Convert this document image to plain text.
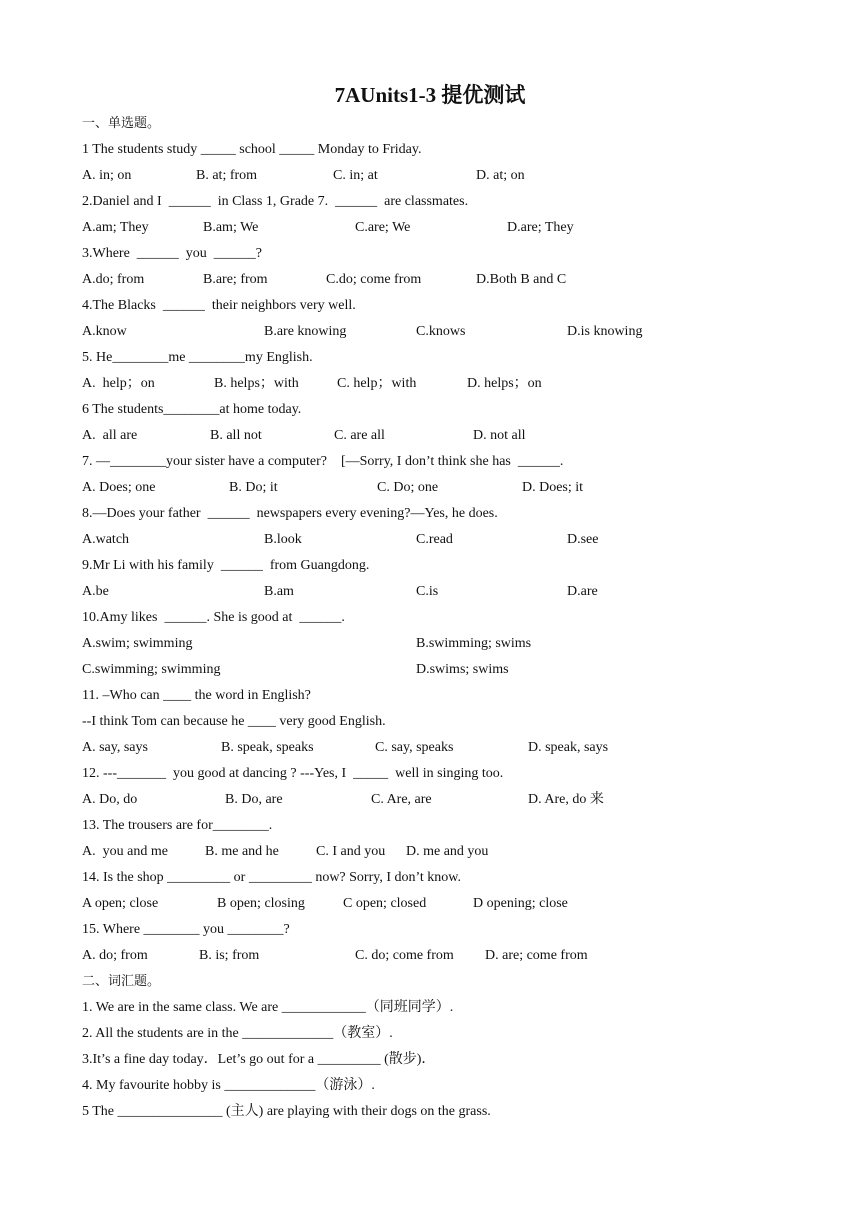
7AUnits1-3 提优测试
一、单选题。
1 The students study _____ school _____ Monday to Friday.
A. in; on	B. at; from	C. in; at	D. at; on
2.Daniel and I  ______  in Class 1, Grade 7.  ______  are classmates.
A.am; They	B.am; We	C.are; We	D.are; They
3.Where  ______  you  ______?
A.do; from	B.are; from	C.do; come from	D.Both B and C
4.The Blacks  ______  their neighbors very well.
A.know	B.are knowing	C.knows	D.is knowing
5. He________me ________my English.
A.  help；on	B. helps；with	C. help；with	D. helps；on
6 The students________at home today.
A.  all are	B. all not	C. are all	D. not all
7. —________your sister have a computer?    [—Sorry, I don’t think she has  ______.
A. Does; one	B. Do; it	C. Do; one	D. Does; it
8.—Does your father  ______  newspapers every evening?—Yes, he does.
A.watch	B.look	C.read	D.see
9.Mr Li with his family  ______  from Guangdong.
A.be	B.am	C.is	D.are
10.Amy likes  ______. She is good at  ______.
A.swim; swimming	B.swimming; swims
C.swimming; swimming	D.swims; swims
11. –Who can ____ the word in English?
--I think Tom can because he ____ very good English.
A. say, says	B. speak, speaks	C. say, speaks	D. speak, says
12. ---_______  you good at dancing ? ---Yes, I  _____  well in singing too.
A. Do, do	B. Do, are	C. Are, are	D. Are, do 来
13. The trousers are for________.
A.  you and me	B. me and he	C. I and you D. me and you
14. Is the shop _________ or _________ now? Sorry, I don’t know.
A open; close	B open; closing	C open; closed	D opening; close
15. Where ________ you ________?
A. do; from	B. is; from	C. do; come from D. are; come from
二、词汇题。
1. We are in the same class. We are ____________（同班同学）.
2. All the students are in the _____________（教室）.
3.It’s a fine day today．Let’s go out for a _________ (散步)．
4. My favourite hobby is _____________（游泳）.
5 The _______________ (主人) are playing with their dogs on the grass.
